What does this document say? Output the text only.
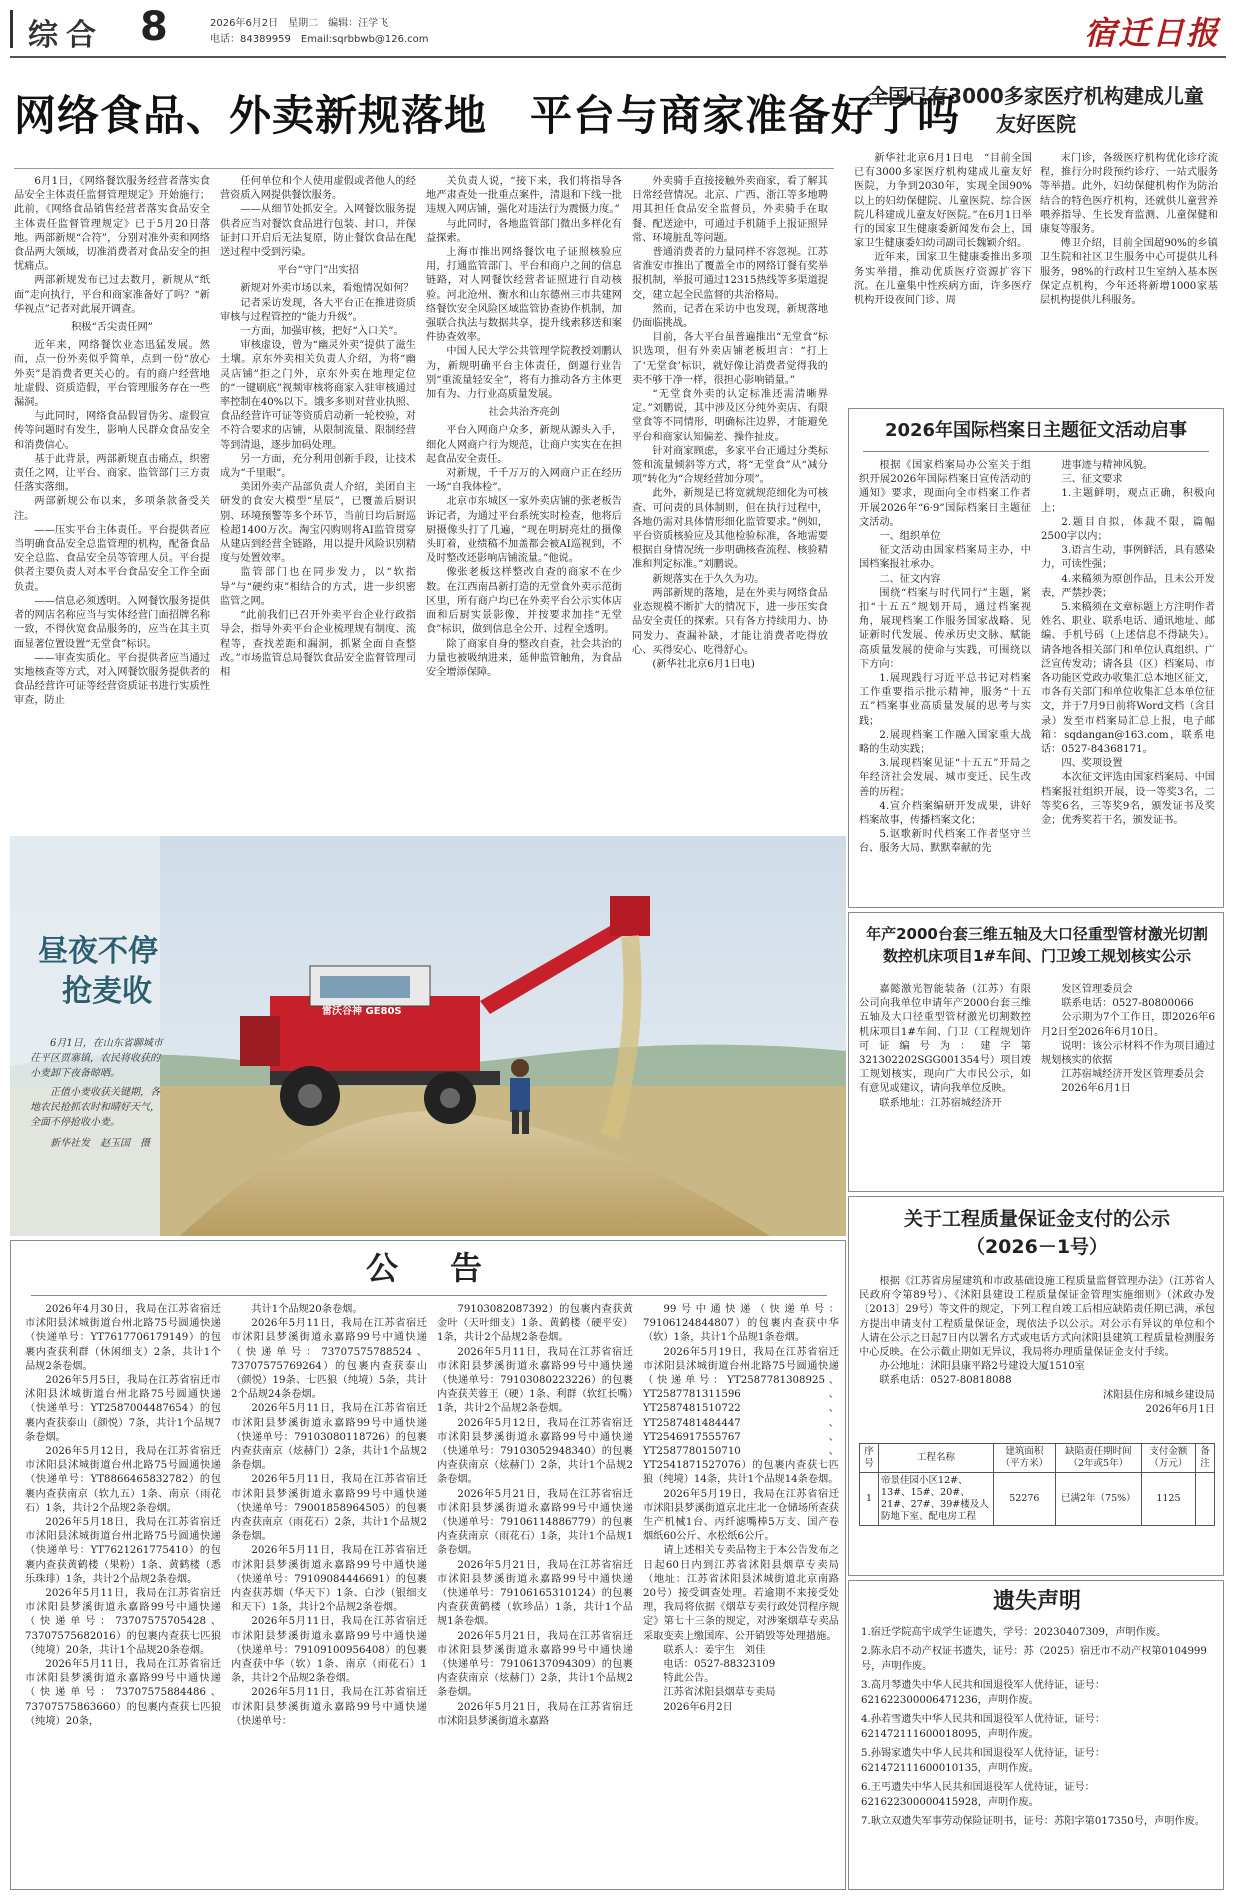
综合 8	2026年6月2日　星期二　编辑：汪学飞
电话：84389959　Email:sqrbbwb@126.com	宿迁日报
网络食品、外卖新规落地　平台与商家准备好了吗

6月1日，《网络餐饮服务经营者落实食品安全主体责任监督管理规定》开始施行；此前，《网络食品销售经营者落实食品安全主体责任监督管理规定》已于5月20日落地。两部新规“合符”，分别对准外卖和网络食品两大领域，切准消费者对食品安全的担忧痛点。

两部新规发布已过去数月，新规从“纸面”走向执行，平台和商家准备好了吗？“新华视点”记者对此展开调查。

积极“舌尖责任网”

近年来，网络餐饮业态迅猛发展。然而，点一份外卖似乎简单，点到一份“放心外卖”是消费者更关心的。有的商户经营地址虚假、资质造假，平台管理服务存在一些漏洞。

与此同时，网络食品假冒伪劣、虚假宣传等问题时有发生，影响人民群众食品安全和消费信心。

基于此背景，两部新规直击痛点，织密责任之网，让平台、商家、监管部门三方责任落实落细。

两部新规公布以来，多项条款备受关注。

——压实平台主体责任。平台提供者应当明确食品安全总监管理的机构，配备食品安全总监、食品安全员等管理人员。平台提供者主要负责人对本平台食品安全工作全面负责。

——信息必须透明。入网餐饮服务提供者的网店名称应当与实体经营门面招牌名称一致，不得伙宽食品服务的，应当在其主页面显著位置设置“无堂食”标识。

——审查实质化。平台提供者应当通过实地核查等方式，对入网餐饮服务提供者的食品经营许可证等经营资质证书进行实质性审查，防止

任何单位和个人使用虚假或者他人的经营资质入网提供餐饮服务。

——从细节处抓安全。入网餐饮服务提供者应当对餐饮食品进行包装、封口，并保证封口开启后无法复原，防止餐饮食品在配送过程中受到污染。

平台“守门”出实招

新规对外卖市场以来，看炮情况如何？

记者采访发现，各大平台正在推进资质审核与过程管控的“能力升级”。

一方面，加强审核，把好“入口关”。

审核虚设，曾为“幽灵外卖”提供了滋生土壤。京东外卖相关负责人介绍，为将“幽灵店铺”拒之门外，京东外卖在地理定位的“一键刷底”视频审核将商家入驻审核通过率控制在40%以下。饿多多则对营业执照、食品经营许可证等资质启动新一轮校验，对不符合要求的店铺，从限制流量、限制经营等到清退，逐步加码处理。

另一方面，充分利用创新手段，让技术成为“千里眼”。

美团外卖产品部负责人介绍，美团自主研发的食安大模型“星辰”，已覆盖后厨识别、环境预警等多个环节，当前日均后厨巡检超1400万次。淘宝闪购则将AI监管贯穿从建店到经营全链路，用以提升风险识别精度与处置效率。

监管部门也在同步发力，以“软指导”与“硬约束”相结合的方式，进一步织密监管之网。

“此前我们已召开外卖平台企业行政指导会，指导外卖平台企业梳理规有制度、流程等，查找差距和漏洞，抓紧全面自查整改。”市场监管总局餐饮食品安全监督管理司相

关负责人说，“接下来，我们将指导各地严肃查处一批重点案件，清退和下线一批违规入网店铺，强化对违法行为震慑力度。”

与此同时，各地监管部门微出多样化有益探索。

上海市推出网络餐饮电子证照核验应用，打通监管部门、平台和商户之间的信息链路，对人网餐饮经营者证照进行自动核验。河北沧州、衡水和山东德州三市共建网络餐饮安全风险区域监管协查协作机制，加强联合执法与数据共享，提升线索移送和案件协查效率。

中国人民大学公共管理学院教授刘鹏认为，新规明确平台主体责任，倒逼行业告别“重流量轻安全”，将有力推动各方主体更加有为、力行业高质量发展。

社会共治齐亮剑

平台入网商户众多，新规从源头入手，细化人网商户行为规范，让商户实实在在担起食品安全责任。

对新规，千千万万的入网商户正在经历一场“自我体检”。

北京市东城区一家外卖店铺的张老板告诉记者，为通过平台系统实时检查，他将后厨摄像头打了几遍，“现在明厨亮灶的摄像头盯着，业绩稿不加盖都会被AI巡视到，不及时整改还影响店铺流量。”他说。

像张老板这样整改自查的商家不在少数。在江西南昌新打造的无堂食外卖示范街区里，所有商户均已在外卖平台公示实体店面和后厨实景影像，并按要求加挂“无堂食”标识，做到信息全公开、过程全透明。

除了商家自身的整改自查，社会共治的力量也被吸纳进来，延伸监管触角，为食品安全增添保障。

外卖骑手直接接触外卖商家，看了解其日常经营情况。北京、广西、浙江等多地聘用其担任食品安全监督员，外卖骑手在取餐、配送途中，可通过手机随手上报证照异常、环境脏乱等问题。

普通消费者的力量同样不容忽视。江苏省淮安市推出了覆盖全市的网络订餐有奖举报机制，举报可通过12315热线等多渠道提交，建立起全民监督的共治格局。

然而，记者在采访中也发现，新规落地仍面临挑战。

目前，各大平台虽普遍推出“无堂食”标识选项，但有外卖店铺老板坦言：“打上了‘无堂食’标识，就好像让消费者觉得我的卖不够干净一样，很担心影响销量。”

“无堂食外卖的认定标准还需清晰界定。”刘鹏说，其中涉及区分纯外卖店、有限堂食等不同情形，明确标注边界，才能避免平台和商家认知偏差、操作扯皮。

针对商家顾虑，多家平台正通过分类标签和流量倾斜等方式，将“无堂食”从“减分项”转化为“合规经营加分项”。

此外，新规是已将宽就规范细化为可核查、可问责的具体制则，但在执行过程中，各地仍需对具体情形细化监管要求。”例如，平台资质核验应及其他检验标准，各地需要根据自身情况统一步明确核查流程、核验精准和判定标准。”刘鹏说。

新规落实在于久久为功。

两部新规的落地，是在外卖与网络食品业态规模不断扩大的情况下，进一步压实食品安全责任的探索。只有各方持续用力、协同发力、查漏补缺，才能让消费者吃得放心、买得安心、吃得舒心。

(新华社北京6月1日电)

全国已有3000多家医疗机构建成儿童友好医院

新华社北京6月1日电　“目前全国已有3000多家医疗机构建成儿童友好医院，力争到2030年，实现全国90%以上的妇幼保健院、儿童医院、综合医院儿科建成儿童友好医院。”在6月1日举行的国家卫生健康委新闻发布会上，国家卫生健康委妇幼司副司长魏颖介绍。

近年来，国家卫生健康委推出多项务实举措，推动优质医疗资源扩容下沉。在儿童集中性疾病方面，许多医疗机构开设夜间门诊、周

末门诊，各级医疗机构优化诊疗流程，推行分时段预约诊疗、一站式服务等举措。此外，妇幼保健机构作为防治结合的特色医疗机构，还就供儿童营养喂养指导、生长发育监测、儿童保健和康复等服务。

傅卫介绍，目前全国超90%的乡镇卫生院和社区卫生服务中心可提供儿科服务，98%的行政村卫生室纳入基本医保定点机构，今年还将新增1000家基层机构提供儿科服务。

2026年国际档案日主题征文活动启事

根据《国家档案局办公室关于组织开展2026年国际档案日宣传活动的通知》要求，现面向全市档案工作者开展2026年“6·9”国际档案日主题征文活动。

一、组织单位

征文活动由国家档案局主办，中国档案报社承办。

二、征文内容

围绕“档案与时代同行”主题，紧扣“十五五”规划开局，通过档案视角，展现档案工作服务国家战略、见证新时代发展、传承历史文脉、赋能高质量发展的使命与实践，可围绕以下方向：

1.展现践行习近平总书记对档案工作重要指示批示精神，服务“十五五”档案事业高质量发展的思考与实践；

2.展现档案工作融入国家重大战略的生动实践；

3.展现档案见证“十五五”开局之年经济社会发展、城市变迁、民生改善的历程；

4.宣介档案编研开发成果，讲好档案故事，传播档案文化；

5.讴歌新时代档案工作者坚守兰台、服务大局、默默奉献的先

进事迹与精神风貌。

三、征文要求

1.主题鲜明，观点正确，积极向上；

2.题目自拟，体裁不限，篇幅2500字以内；

3.语言生动，事例鲜活，具有感染力，可读性强；

4.来稿须为原创作品，且未公开发表，严禁抄袭；

5.来稿须在文章标题上方注明作者姓名、职业、联系电话、通讯地址、邮编、手机号码（上述信息不得缺失）。请各地各相关部门和单位认真组织、广泛宣传发动；请各县（区）档案局、市各功能区党政办收集汇总本地区征文，市各有关部门和单位收集汇总本单位征文，并于7月9日前将Word文档（含目录）发至市档案局汇总上报，电子邮箱：sqdangan@163.com，联系电话：0527-84368171。

四、奖项设置

本次征文评选由国家档案局、中国档案报社组织开展，设一等奖3名，二等奖6名，三等奖9名，颁发证书及奖金；优秀奖若干名，颁发证书。

雷沃谷神 GE80S
昼夜不停
抢麦收
6月1日，在山东省聊城市茌平区贾寨镇，农民将收获的小麦卸下夜备晾晒。
正值小麦收获关键期，各地农民抢抓农时和晴好天气，全面不停抢收小麦。
新华社发　赵玉国　摄
年产2000台套三维五轴及大口径重型管材激光切割数控机床项目1#车间、门卫竣工规划核实公示

嘉懿激光智能装备（江苏）有限公司向我单位申请年产2000台套三维五轴及大口径重型管材激光切割数控机床项目1#车间、门卫（工程规划许可证编号为：建字第321302202SGG001354号）项目竣工规划核实，现向广大市民公示，如有意见或建议，请向我单位反映。

联系地址：江苏宿城经济开

发区管理委员会

联系电话：0527-80800066

公示期为7个工作日，即2026年6月2日至2026年6月10日。

说明：该公示材料不作为项目通过规划核实的依据

江苏宿城经济开发区管理委员会

2026年6月1日

关于工程质量保证金支付的公示
（2026－1号）

根据《江苏省房屋建筑和市政基础设施工程质量监督管理办法》（江苏省人民政府令第89号）、《沭阳县建设工程质量保证金管理实施细则》（沭政办发〔2013〕29号）等文件的规定，下列工程自竣工后相应缺陷责任期已满，承包方提出申请支付工程质量保证金，现依法予以公示。对公示有异议的单位和个人请在公示之日起7日内以署名方式或电话方式向沭阳县建筑工程质量检测服务中心反映。在公示截止期如无异议，我局将办理质量保证金支付手续。

办公地址：沭阳县康平路2号建设大厦1510室

联系电话：0527-80818088

沭阳县住房和城乡建设局

2026年6月1日

序号	工程名称	建筑面积（平方米）	缺陷责任期时间（2年或5年）	支付金额（万元）	备注
1	帝景佳园小区12#、13#、15#、20#、21#、27#、39#楼及人防地下室、配电房工程	52276	已满2年（75%）	1125	
遗失声明
1.宿迁学院高宇成学生证遗失，学号：20230407309，声明作废。
2.陈永启不动产权证书遗失，证号：苏（2025）宿迁市不动产权第0104999号，声明作废。
3.高月琴遗失中华人民共和国退役军人优待证，证号：621622300006471236，声明作废。
4.孙若雪遗失中华人民共和国退役军人优待证，证号：621472111600018095，声明作废。
5.孙锡家遗失中华人民共和国退役军人优待证，证号：621472111600010135，声明作废。
6.王丐遗失中华人民共和国退役军人优待证，证号：621622300000415928，声明作废。
7.耿立双遗失军事劳动保险证明书，证号：苏阳字第017350号，声明作废。
公　告

2026年4月30日，我局在江苏省宿迁市沭阳县沭城街道台州北路75号圆通快递（快递单号：YT7617706179149）的包裹内查获利群（休闲细支）2条，共计1个品规2条卷烟。

2026年5月5日，我局在江苏省宿迁市沭阳县沭城街道台州北路75号圆通快递（快递单号：YT2587004487654）的包裹内查获泰山（颜悦）7条，共计1个品规7条卷烟。

2026年5月12日，我局在江苏省宿迁市沭阳县沭城街道台州北路75号圆通快递（快递单号：YT8866465832782）的包裹内查获南京（软九五）1条、南京（雨花石）1条，共计2个品规2条卷烟。

2026年5月18日，我局在江苏省宿迁市沭阳县沭城街道台州北路75号圆通快递（快递单号：YT7621261775410）的包裹内查获黄鹤楼（果粉）1条、黄鹤楼（悉乐珠琲）1条，共计2个品规2条卷烟。

2026年5月11日，我局在江苏省宿迁市沭阳县梦溪街道永嘉路99号中通快递（快递单号：73707575705428、73707575682016）的包裹内查获七匹狼（纯境）20条，共计1个品规20条卷烟。

2026年5月11日，我局在江苏省宿迁市沭阳县梦溪街道永嘉路99号中通快递（快递单号：73707575884486、73707575863660）的包裹内查获七匹狼（纯境）20条，

共计1个品规20条卷烟。

2026年5月11日，我局在江苏省宿迁市沭阳县梦溪街道永嘉路99号中通快递（快递单号：73707575788524、73707575769264）的包裹内查获泰山（颜悦）19条、七匹狼（纯境）5条，共计2个品规24条卷烟。

2026年5月11日，我局在江苏省宿迁市沭阳县梦溪街道永嘉路99号中通快递（快递单号：79103080118726）的包裹内查获南京（炫赫门）2条，共计1个品规2条卷烟。

2026年5月11日，我局在江苏省宿迁市沭阳县梦溪街道永嘉路99号中通快递（快递单号：79001858964505）的包裹内查获南京（雨花石）2条，共计1个品规2条卷烟。

2026年5月11日，我局在江苏省宿迁市沭阳县梦溪街道永嘉路99号中通快递（快递单号：79109084446691）的包裹内查获苏烟（华天下）1条、白沙（银细支和天下）1条，共计2个品规2条卷烟。

2026年5月11日，我局在江苏省宿迁市沭阳县梦溪街道永嘉路99号中通快递（快递单号：79109100956408）的包裹内查获中华（软）1条、南京（雨花石）1条，共计2个品规2条卷烟。

2026年5月11日，我局在江苏省宿迁市沭阳县梦溪街道永嘉路99号中通快递（快递单号：

79103082087392）的包裹内查获黄金叶（天叶细支）1条、黄鹤楼（硬平安）1条，共计2个品规2条卷烟。

2026年5月11日，我局在江苏省宿迁市沭阳县梦溪街道永嘉路99号中通快递（快递单号：79103080223226）的包裹内查获芙蓉王（硬）1条、利群（软红长嘴）1条，共计2个品规2条卷烟。

2026年5月12日，我局在江苏省宿迁市沭阳县梦溪街道永嘉路99号中通快递（快递单号：79103052948340）的包裹内查获南京（炫赫门）2条，共计1个品规2条卷烟。

2026年5月21日，我局在江苏省宿迁市沭阳县梦溪街道永嘉路99号中通快递（快递单号：79106114886779）的包裹内查获南京（雨花石）1条，共计1个品规1条卷烟。

2026年5月21日，我局在江苏省宿迁市沭阳县梦溪街道永嘉路99号中通快递（快递单号：79106165310124）的包裹内查获黄鹤楼（软珍品）1条，共计1个品规1条卷烟。

2026年5月21日，我局在江苏省宿迁市沭阳县梦溪街道永嘉路99号中通快递（快递单号：79106137094309）的包裹内查获南京（炫赫门）2条，共计1个品规2条卷烟。

2026年5月21日，我局在江苏省宿迁市沭阳县梦溪街道永嘉路

99号中通快递（快递单号：79106124844807）的包裹内查获中华（软）1条，共计1个品规1条卷烟。

2026年5月19日，我局在江苏省宿迁市沭阳县沭城街道台州北路75号圆通快递（快递单号：YT2587781308925、YT2587781311596、YT2587481510722、YT2587481484447、YT2546917555767、YT2587780150710、YT2541871527076）的包裹内查获七匹狼（纯境）14条，共计1个品规14条卷烟。

2026年5月19日，我局在江苏省宿迁市沭阳县梦溪街道京北庄北一仓储场所查获生产机械1台、丙纤滤嘴棒5万支、国产卷烟纸60公斤、水松纸6公斤。

请上述相关专卖品物主于本公告发布之日起60日内到江苏省沭阳县烟草专卖局（地址：江苏省沭阳县沭城街道北京南路20号）接受调查处理。若逾期不来接受处理，我局将依据《烟草专卖行政处罚程序规定》第七十三条的规定，对涉案烟草专卖品采取变卖上缴国库、公开销毁等处理措施。

联系人：姜宇生　刘佳

电话：0527-88323109

特此公告。

江苏省沭阳县烟草专卖局

2026年6月2日
